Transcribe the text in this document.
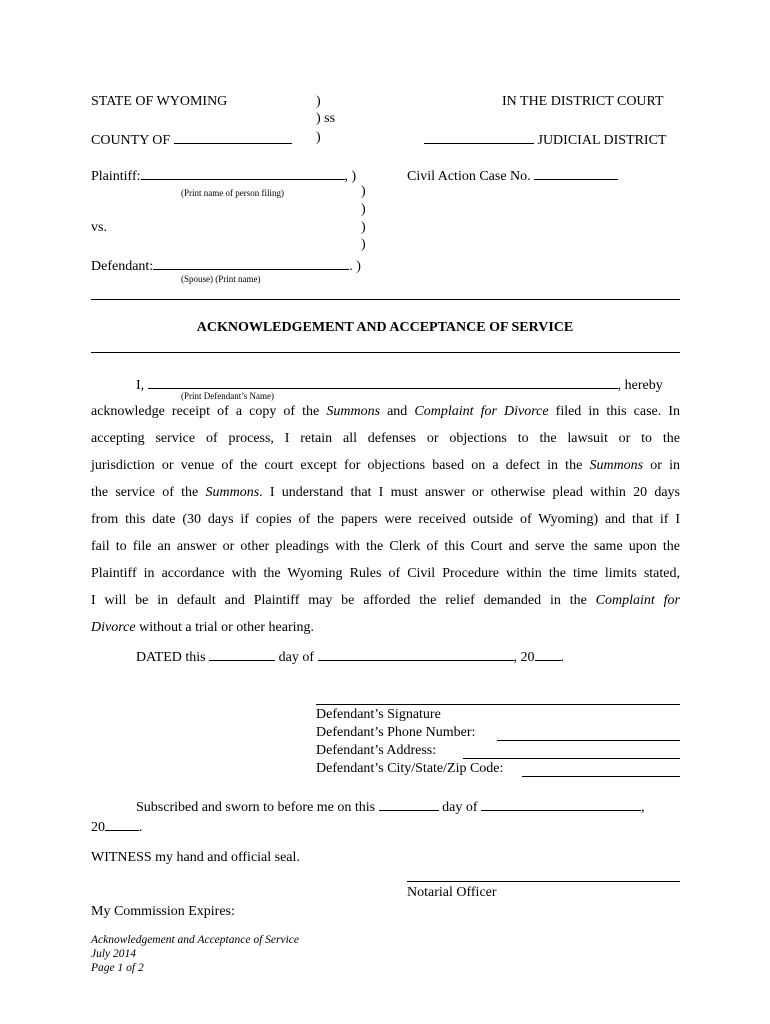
STATE OF WYOMING	)	IN THE DISTRICT COURT
) ss
COUNTY OF	)	JUDICIAL DISTRICT
Plaintiff:	, )
(Print name of person filing)
Civil Action Case No.
)
)
vs.	)
)
Defendant:	. )
(Spouse) (Print name)
ACKNOWLEDGEMENT AND ACCEPTANCE OF SERVICE
I,	, hereby
(Print Defendant’s Name)
acknowledge receipt of a copy of the Summons and Complaint for Divorce filed in this case. In
accepting service of process, I retain all defenses or objections to the lawsuit or to the
jurisdiction or venue of the court except for objections based on a defect in the Summons or in
the service of the Summons. I understand that I must answer or otherwise plead within 20 days
from this date (30 days if copies of the papers were received outside of Wyoming) and that if I
fail to file an answer or other pleadings with the Clerk of this Court and serve the same upon the
Plaintiff in accordance with the Wyoming Rules of Civil Procedure within the time limits stated,
I will be in default and Plaintiff may be afforded the relief demanded in the Complaint for
Divorce without a trial or other hearing.
DATED this	day of	, 20 .
Defendant’s Signature
Defendant’s Phone Number:
Defendant’s Address:
Defendant’s City/State/Zip Code:
Subscribed and sworn to before me on this	day of	,
20 .
WITNESS my hand and official seal.
Notarial Officer
My Commission Expires:
Acknowledgement and Acceptance of Service
July 2014
Page 1 of 2
